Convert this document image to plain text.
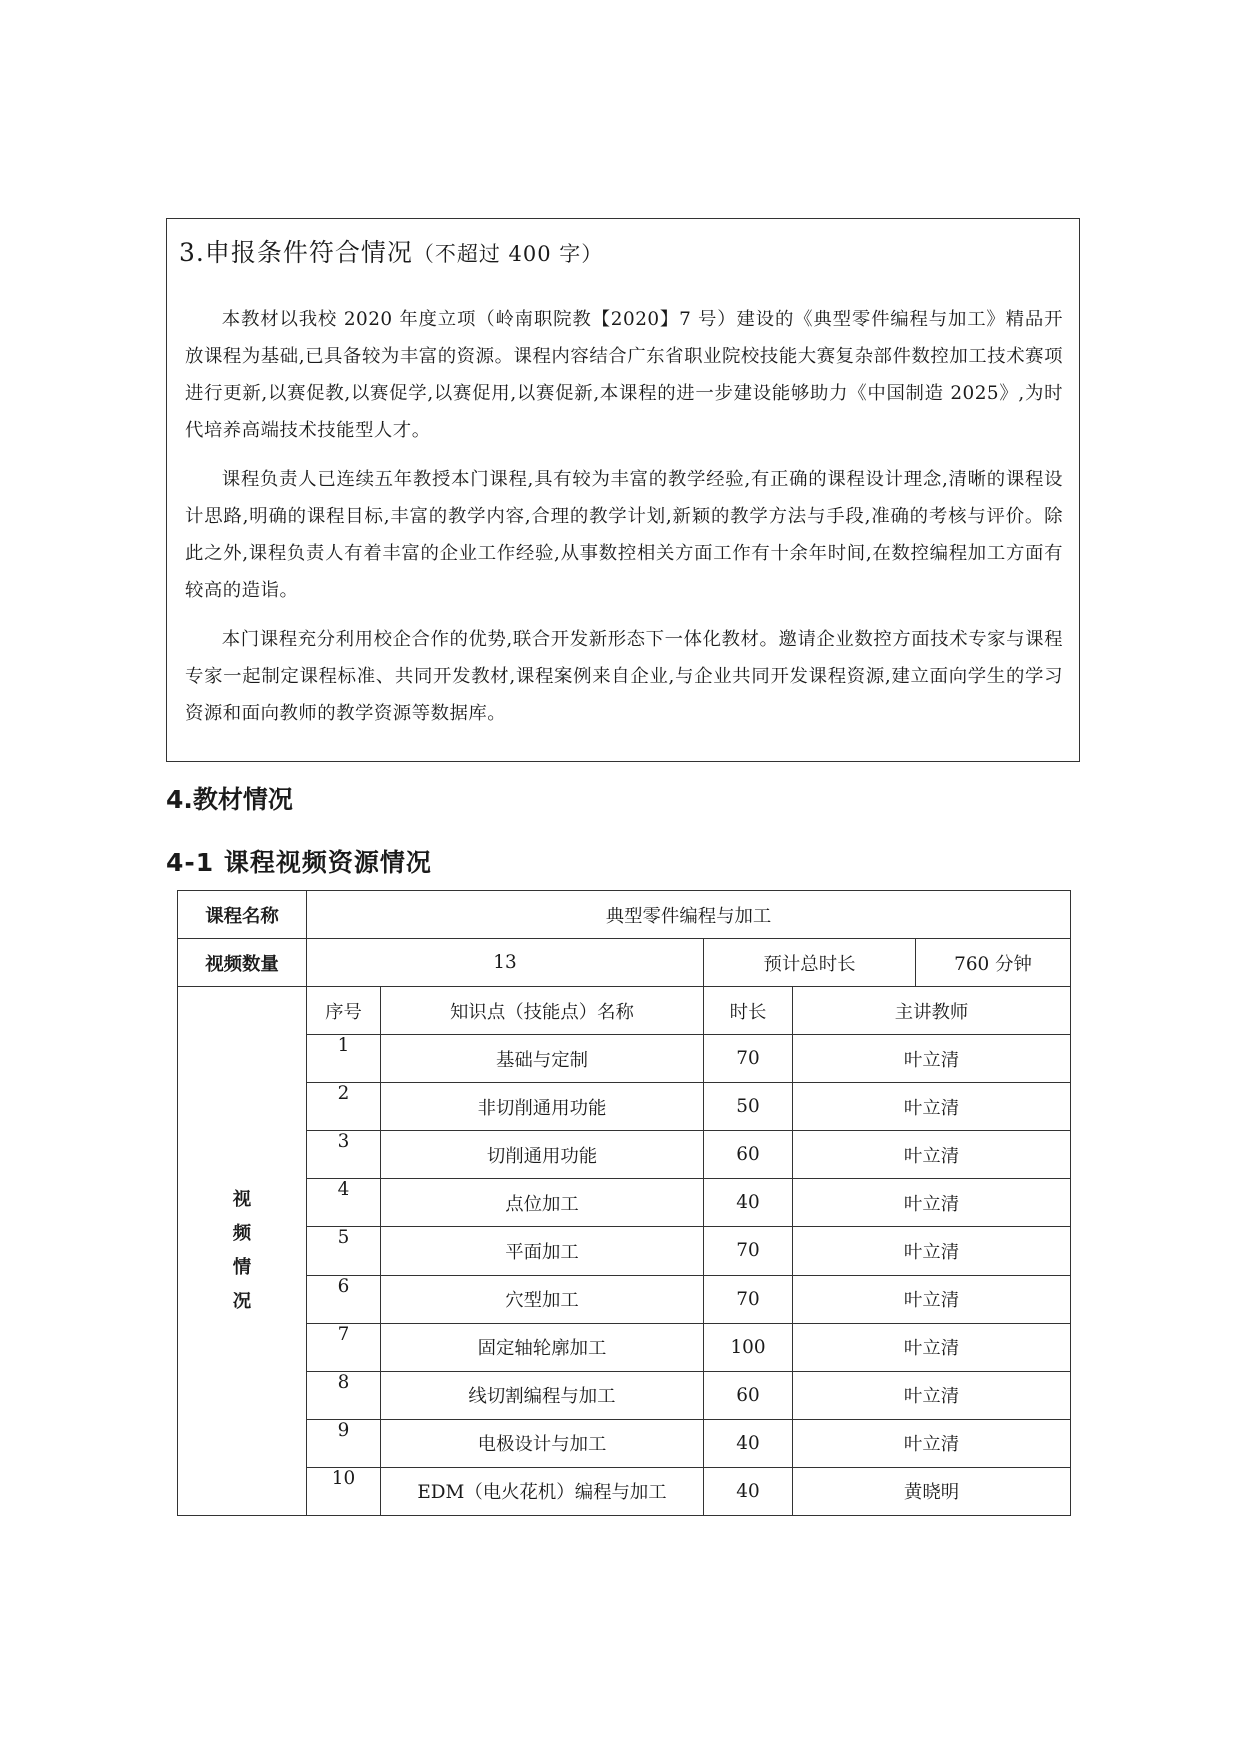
3.申报条件符合情况（不超过 400 字）

本教材以我校 2020 年度立项（岭南职院教【2020】7 号）建设的《典型零件编程与加工》精品开放课程为基础,已具备较为丰富的资源。课程内容结合广东省职业院校技能大赛复杂部件数控加工技术赛项进行更新,以赛促教,以赛促学,以赛促用,以赛促新,本课程的进一步建设能够助力《中国制造 2025》,为时代培养高端技术技能型人才。

课程负责人已连续五年教授本门课程,具有较为丰富的教学经验,有正确的课程设计理念,清晰的课程设计思路,明确的课程目标,丰富的教学内容,合理的教学计划,新颖的教学方法与手段,准确的考核与评价。除此之外,课程负责人有着丰富的企业工作经验,从事数控相关方面工作有十余年时间,在数控编程加工方面有较高的造诣。

本门课程充分利用校企合作的优势,联合开发新形态下一体化教材。邀请企业数控方面技术专家与课程专家一起制定课程标准、共同开发教材,课程案例来自企业,与企业共同开发课程资源,建立面向学生的学习资源和面向教师的教学资源等数据库。

4.教材情况
4-1 课程视频资源情况
课程名称	典型零件编程与加工			
视频数量	13		预计总时长 760 分钟	

视
频
情
况	序号	知识点（技能点）名称	时长	主讲教师
	1	基础与定制	70	叶立清
	2	非切削通用功能	50	叶立清
	3	切削通用功能	60	叶立清
	4	点位加工	40	叶立清
	5	平面加工	70	叶立清
	6	穴型加工	70	叶立清
	7	固定轴轮廓加工	100	叶立清
	8	线切割编程与加工	60	叶立清
	9	电极设计与加工	40	叶立清
	10	EDM（电火花机）编程与加工	40	黄晓明
